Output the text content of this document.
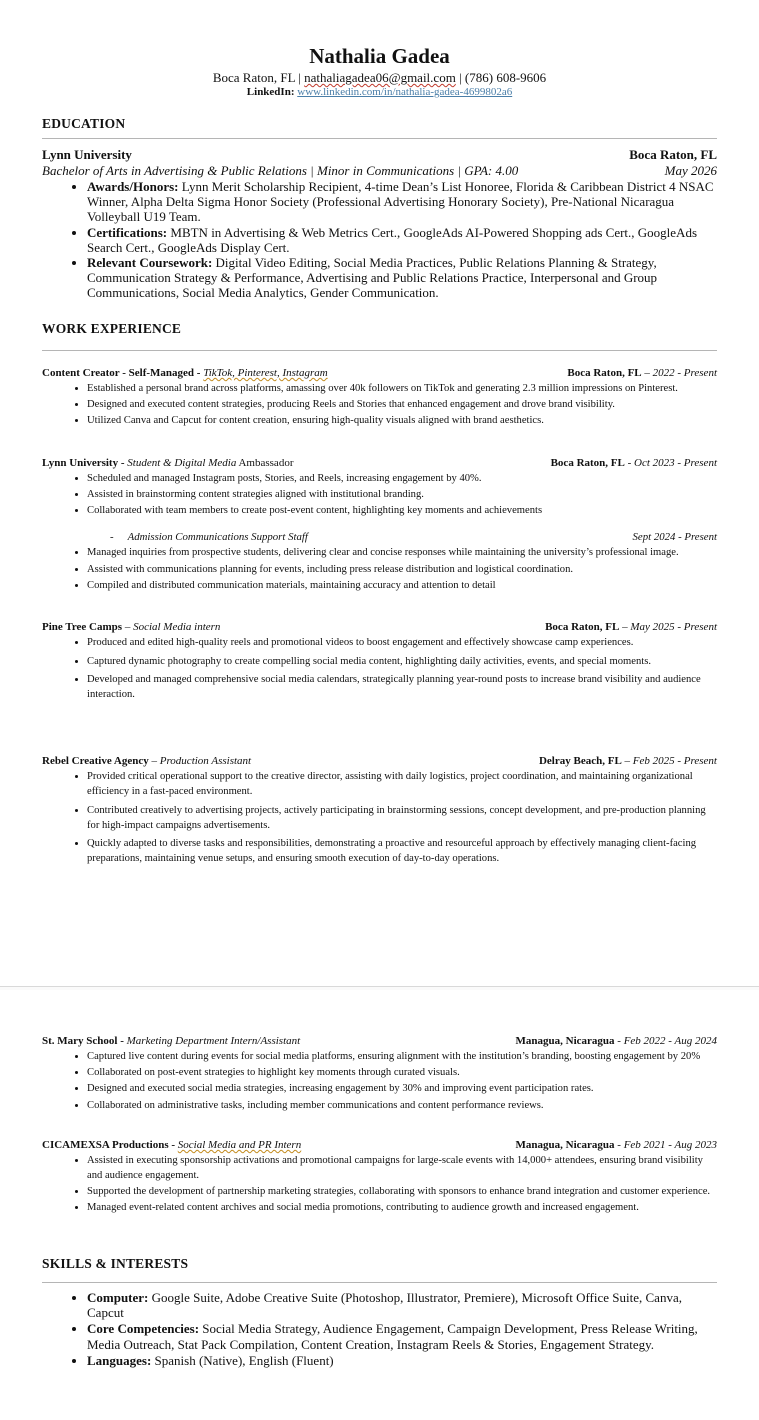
Nathalia Gadea
Boca Raton, FL | nathaliagadea06@gmail.com | (786) 608-9606
LinkedIn: www.linkedin.com/in/nathalia-gadea-4699802a6
EDUCATION
Lynn University	Boca Raton, FL
Bachelor of Arts in Advertising & Public Relations | Minor in Communications | GPA: 4.00	May 2026
• Awards/Honors: Lynn Merit Scholarship Recipient, 4-time Dean’s List Honoree, Florida & Caribbean District 4 NSAC Winner, Alpha Delta Sigma Honor Society (Professional Advertising Honorary Society), Pre-National Nicaragua Volleyball U19 Team.
• Certifications: MBTN in Advertising & Web Metrics Cert., GoogleAds AI-Powered Shopping ads Cert., GoogleAds Search Cert., GoogleAds Display Cert.
• Relevant Coursework: Digital Video Editing, Social Media Practices, Public Relations Planning & Strategy, Communication Strategy & Performance, Advertising and Public Relations Practice, Interpersonal and Group Communications, Social Media Analytics, Gender Communication.
WORK EXPERIENCE
Content Creator - Self-Managed - TikTok, Pinterest, Instagram	Boca Raton, FL – 2022 - Present
• Established a personal brand across platforms, amassing over 40k followers on TikTok and generating 2.3 million impressions on Pinterest.
• Designed and executed content strategies, producing Reels and Stories that enhanced engagement and drove brand visibility.
• Utilized Canva and Capcut for content creation, ensuring high-quality visuals aligned with brand aesthetics.
Lynn University - Student & Digital Media Ambassador	Boca Raton, FL - Oct 2023 - Present
• Scheduled and managed Instagram posts, Stories, and Reels, increasing engagement by 40%.
• Assisted in brainstorming content strategies aligned with institutional branding.
• Collaborated with team members to create post-event content, highlighting key moments and achievements
- Admission Communications Support Staff	Sept 2024 - Present
• Managed inquiries from prospective students, delivering clear and concise responses while maintaining the university’s professional image.
• Assisted with communications planning for events, including press release distribution and logistical coordination.
• Compiled and distributed communication materials, maintaining accuracy and attention to detail
Pine Tree Camps – Social Media intern	Boca Raton, FL – May 2025 - Present
• Produced and edited high-quality reels and promotional videos to boost engagement and effectively showcase camp experiences.
• Captured dynamic photography to create compelling social media content, highlighting daily activities, events, and special moments.
• Developed and managed comprehensive social media calendars, strategically planning year-round posts to increase brand visibility and audience interaction.
Rebel Creative Agency – Production Assistant	Delray Beach, FL – Feb 2025 - Present
• Provided critical operational support to the creative director, assisting with daily logistics, project coordination, and maintaining organizational efficiency in a fast-paced environment.
• Contributed creatively to advertising projects, actively participating in brainstorming sessions, concept development, and pre-production planning for high-impact campaigns advertisements.
• Quickly adapted to diverse tasks and responsibilities, demonstrating a proactive and resourceful approach by effectively managing client-facing preparations, maintaining venue setups, and ensuring smooth execution of day-to-day operations.
St. Mary School - Marketing Department Intern/Assistant	Managua, Nicaragua - Feb 2022 - Aug 2024
• Captured live content during events for social media platforms, ensuring alignment with the institution’s branding, boosting engagement by 20%
• Collaborated on post-event strategies to highlight key moments through curated visuals.
• Designed and executed social media strategies, increasing engagement by 30% and improving event participation rates.
• Collaborated on administrative tasks, including member communications and content performance reviews.
CICAMEXSA Productions - Social Media and PR Intern	Managua, Nicaragua - Feb 2021 - Aug 2023
• Assisted in executing sponsorship activations and promotional campaigns for large-scale events with 14,000+ attendees, ensuring brand visibility and audience engagement.
• Supported the development of partnership marketing strategies, collaborating with sponsors to enhance brand integration and customer experience.
• Managed event-related content archives and social media promotions, contributing to audience growth and increased engagement.
SKILLS & INTERESTS
• Computer: Google Suite, Adobe Creative Suite (Photoshop, Illustrator, Premiere), Microsoft Office Suite, Canva, Capcut
• Core Competencies: Social Media Strategy, Audience Engagement, Campaign Development, Press Release Writing, Media Outreach, Stat Pack Compilation, Content Creation, Instagram Reels & Stories, Engagement Strategy.
• Languages: Spanish (Native), English (Fluent)
